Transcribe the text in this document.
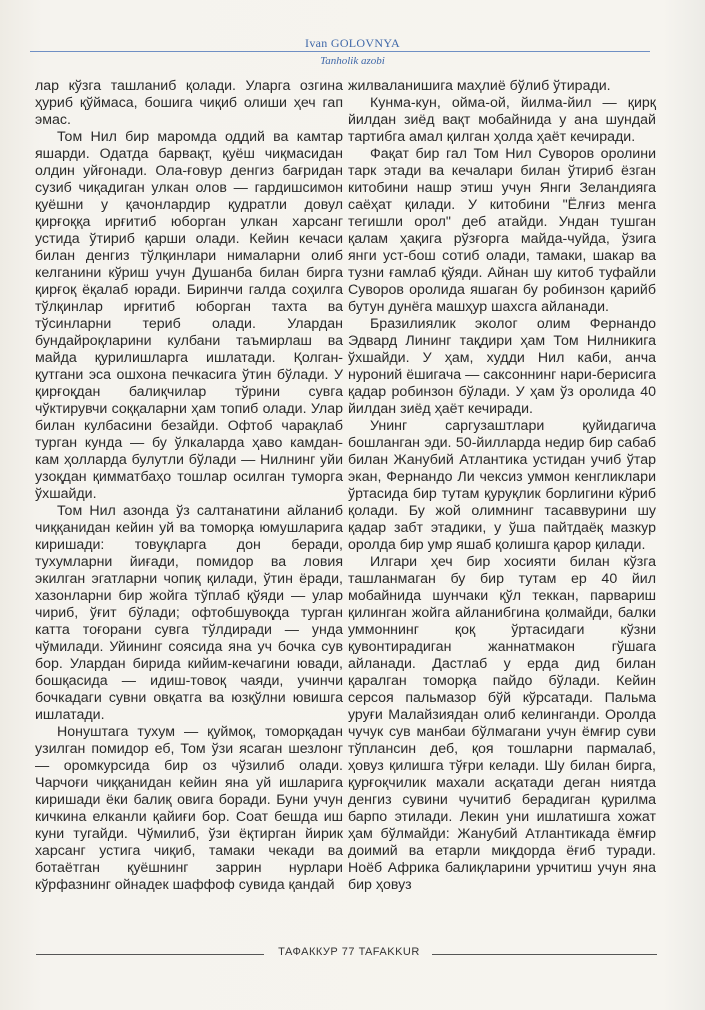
Ivan GOLOVNYA
Tanholik azobi

лар кўзга ташланиб қолади. Уларга озгина ҳуриб қўймаса, бошига чиқиб олиши ҳеч гап эмас.

Том Нил бир маромда оддий ва камтар яшарди. Одатда барвақт, қуёш чиқмасидан олдин уйғонади. Ола-ғовур денгиз бағридан сузиб чиқадиган улкан олов — гардишсимон қуёшни у қачонлардир қудратли довул қирғоққа ирғитиб юборган улкан харсанг устида ўтириб қарши олади. Кейин кечаси билан денгиз тўлқинлари нималарни олиб келганини кўриш учун Душанба билан бирга қирғоқ ёқалаб юради. Биринчи галда соҳилга тўлқинлар ирғитиб юборган тахта ва тўсинларни териб олади. Улардан бундайроқларини кулбани таъмирлаш ва майда қурилишларга ишлатади. Қолган-қутгани эса ошхона печкасига ўтин бўлади. У қирғоқдан балиқчилар тўрини сувга чўктирувчи соққаларни ҳам топиб олади. Улар билан кулбасини безайди. Офтоб чарақлаб турган кунда — бу ўлкаларда ҳаво камдан-кам ҳолларда булутли бўлади — Нилнинг уйи узоқдан қимматбаҳо тошлар осилган туморга ўхшайди.

Том Нил азонда ўз салтанатини айланиб чиққанидан кейин уй ва томорқа юмушларига киришади: товуқларга дон беради, тухумларни йиғади, помидор ва ловия экилган эгатларни чопиқ қилади, ўтин ёради, хазонларни бир жойга тўплаб қўяди — улар чириб, ўғит бўлади; офтобшувоқда турган катта тоғорани сувга тўлдиради — унда чўмилади. Уйининг соясида яна уч бочка сув бор. Улардан бирида кийим-кечагини ювади, бошқасида — идиш-товоқ чаяди, учинчи бочкадаги сувни овқатга ва юзқўлни ювишга ишлатади.

Нонуштага тухум — қуймоқ, томорқадан узилган помидор еб, Том ўзи ясаган шезлонг — оромкурсида бир оз чўзилиб олади. Чарчоғи чиққанидан кейин яна уй ишларига киришади ёки балиқ овига боради. Буни учун кичкина елканли қайиғи бор. Соат бешда иш куни тугайди. Чўмилиб, ўзи ёқтирган йирик харсанг устига чиқиб, тамаки чекади ва ботаётган қуёшнинг заррин нурлари кўрфазнинг ойнадек шаффоф сувида қандай

жилваланишига маҳлиё бўлиб ўтиради.

Кунма-кун, ойма-ой, йилма-йил — қирқ йилдан зиёд вақт мобайнида у ана шундай тартибга амал қилган ҳолда ҳаёт кечиради.

Фақат бир гал Том Нил Суворов оролини тарк этади ва кечалари билан ўтириб ёзган китобини нашр этиш учун Янги Зеландияга саёҳат қилади. У китобини "Ёлғиз менга тегишли орол" деб атайди. Ундан тушган қалам ҳақига рўзғорга майда-чуйда, ўзига янги уст-бош сотиб олади, тамаки, шакар ва тузни ғамлаб қўяди. Айнан шу китоб туфайли Суворов оролида яшаган бу робинзон қарийб бутун дунёга машҳур шахсга айланади.

Бразилиялик эколог олим Фернандо Эдвард Лининг тақдири ҳам Том Нилникига ўхшайди. У ҳам, худди Нил каби, анча нуроний ёшигача — саксоннинг нари-берисига қадар робинзон бўлади. У ҳам ўз оролида 40 йилдан зиёд ҳаёт кечиради.

Унинг саргузаштлари қуйидагича бошланган эди. 50-йилларда недир бир сабаб билан Жанубий Атлантика устидан учиб ўтар экан, Фернандо Ли чексиз уммон кенгликлари ўртасида бир тутам қуруқлик борлигини кўриб қолади. Бу жой олимнинг тасаввурини шу қадар забт этадики, у ўша пайтдаёқ мазкур оролда бир умр яшаб қолишга қарор қилади.

Илгари ҳеч бир хосияти билан кўзга ташланмаган бу бир тутам ер 40 йил мобайнида шунчаки қўл теккан, парвариш қилинган жойга айланибгина қолмайди, балки уммоннинг қоқ ўртасидаги кўзни қувонтирадиган жаннатмакон гўшага айланади. Дастлаб у ерда дид билан қаралган томорқа пайдо бўлади. Кейин серсоя пальмазор бўй кўрсатади. Пальма уруғи Малайзиядан олиб келинганди. Оролда чучук сув манбаи бўлмагани учун ёмғир суви тўплансин деб, қоя тошларни пармалаб, ҳовуз қилишга тўғри келади. Шу билан бирга, қурғоқчилик махали асқатади деган ниятда денгиз сувини чучитиб берадиган қурилма барпо этилади. Лекин уни ишлатишга хожат ҳам бўлмайди: Жанубий Атлантикада ёмғир доимий ва етарли миқдорда ёғиб туради. Ноёб Африка балиқларини урчитиш учун яна бир ҳовуз

ТАФАККУР 77 TAFAKKUR
